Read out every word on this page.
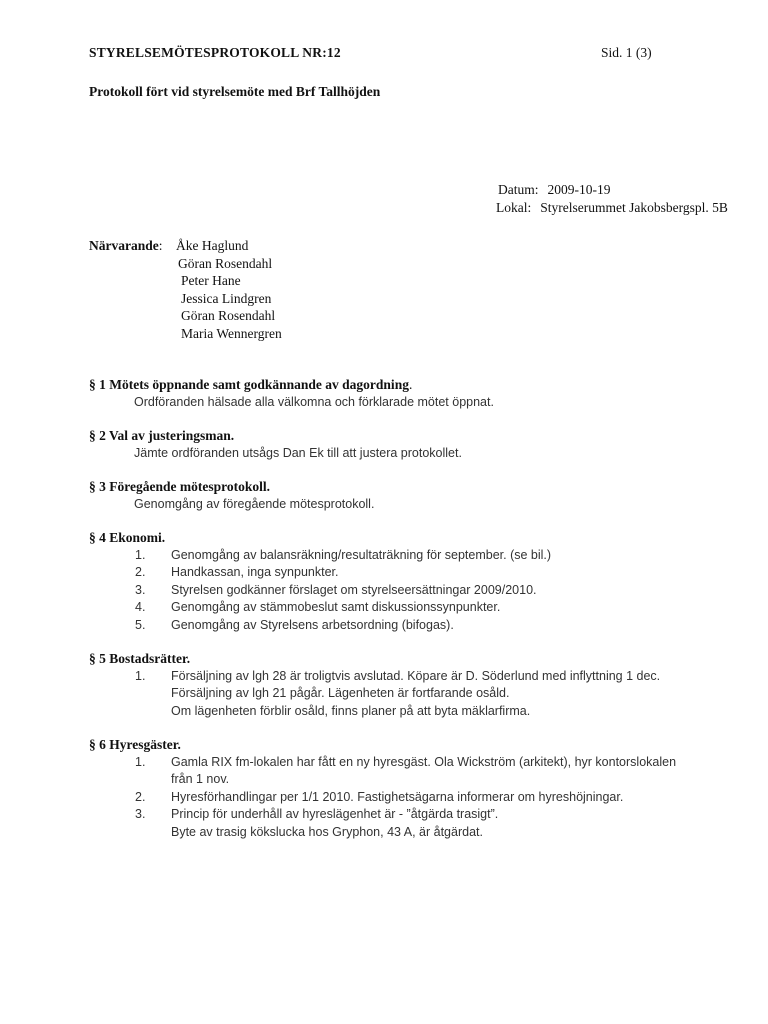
STYRELSEMÖTESPROTOKOLL NR:12	Sid. 1 (3)
Protokoll fört vid styrelsemöte med Brf Tallhöjden
Datum: 2009-10-19
Lokal: Styrelserummet Jakobsbergspl. 5B
Närvarande: Åke Haglund
Göran Rosendahl
Peter Hane
Jessica Lindgren
Göran Rosendahl
Maria Wennergren
§ 1 Mötets öppnande samt godkännande av dagordning.
Ordföranden hälsade alla välkomna och förklarade mötet öppnat.
§ 2 Val av justeringsman.
Jämte ordföranden utsågs Dan Ek till att justera protokollet.
§ 3 Föregående mötesprotokoll.
Genomgång av föregående mötesprotokoll.
§ 4 Ekonomi.
1. Genomgång av balansräkning/resultaträkning för september. (se bil.)
2. Handkassan, inga synpunkter.
3. Styrelsen godkänner förslaget om styrelseersättningar 2009/2010.
4. Genomgång av stämmobeslut samt diskussionssynpunkter.
5. Genomgång av Styrelsens arbetsordning (bifogas).
§ 5 Bostadsrätter.
1. Försäljning av lgh 28 är troligtvis avslutad. Köpare är D. Söderlund med inflyttning 1 dec.
Försäljning av lgh 21 pågår. Lägenheten är fortfarande osåld.
Om lägenheten förblir osåld, finns planer på att byta mäklarfirma.
§ 6 Hyresgäster.
1. Gamla RIX fm-lokalen har fått en ny hyresgäst. Ola Wickström (arkitekt), hyr kontorslokalen
från 1 nov.
2. Hyresförhandlingar per 1/1 2010. Fastighetsägarna informerar om hyreshöjningar.
3. Princip för underhåll av hyreslägenhet är - ”åtgärda trasigt”.
Byte av trasig kökslucka hos Gryphon, 43 A, är åtgärdat.
